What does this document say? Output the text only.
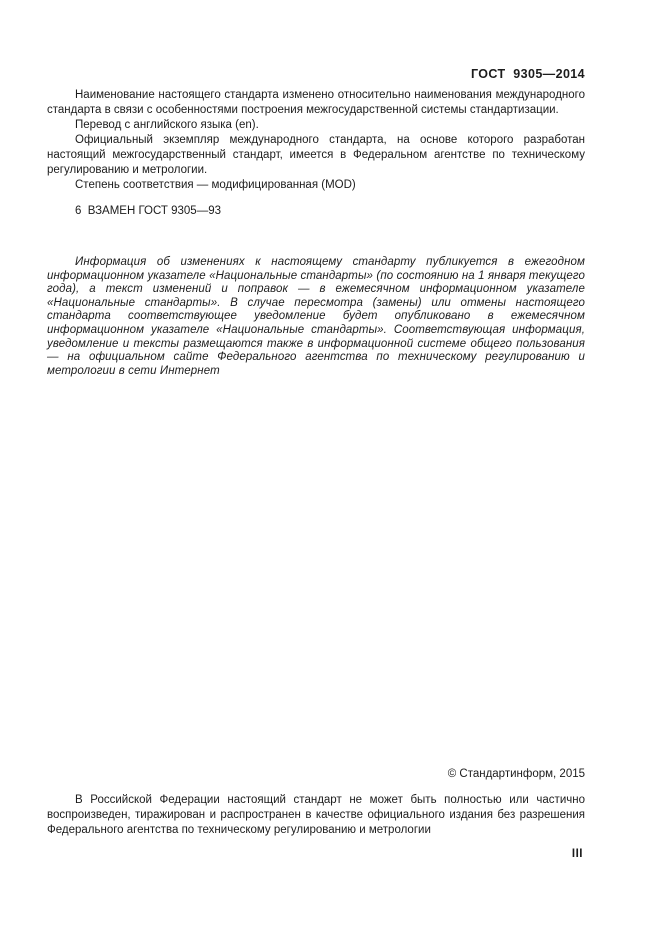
ГОСТ  9305—2014

Наименование настоящего стандарта изменено относительно наименования международного стандарта в связи с особенностями построения межгосударственной системы стандартизации.

Перевод с английского языка (en).

Официальный экземпляр международного стандарта, на основе которого разработан настоящий межгосударственный стандарт, имеется в Федеральном агентстве по техническому регулированию и метрологии.

Степень соответствия — модифицированная (MOD)

6  ВЗАМЕН ГОСТ 9305—93

Информация об изменениях к настоящему стандарту публикуется в ежегодном информационном указателе «Национальные стандарты» (по состоянию на 1 января текущего года), а текст изменений и поправок — в ежемесячном информационном указателе «Национальные стандарты». В случае пересмотра (замены) или отмены настоящего стандарта соответствующее уведомление будет опубликовано в ежемесячном информационном указателе «Национальные стандарты». Соответствующая информация, уведомление и тексты размещаются также в информационной системе общего пользования — на официальном сайте Федерального агентства по техническому регулированию и метрологии в сети Интернет

© Стандартинформ, 2015

В Российской Федерации настоящий стандарт не может быть полностью или частично воспроизведен, тиражирован и распространен в качестве официального издания без разрешения Федерального агентства по техническому регулированию и метрологии

III
